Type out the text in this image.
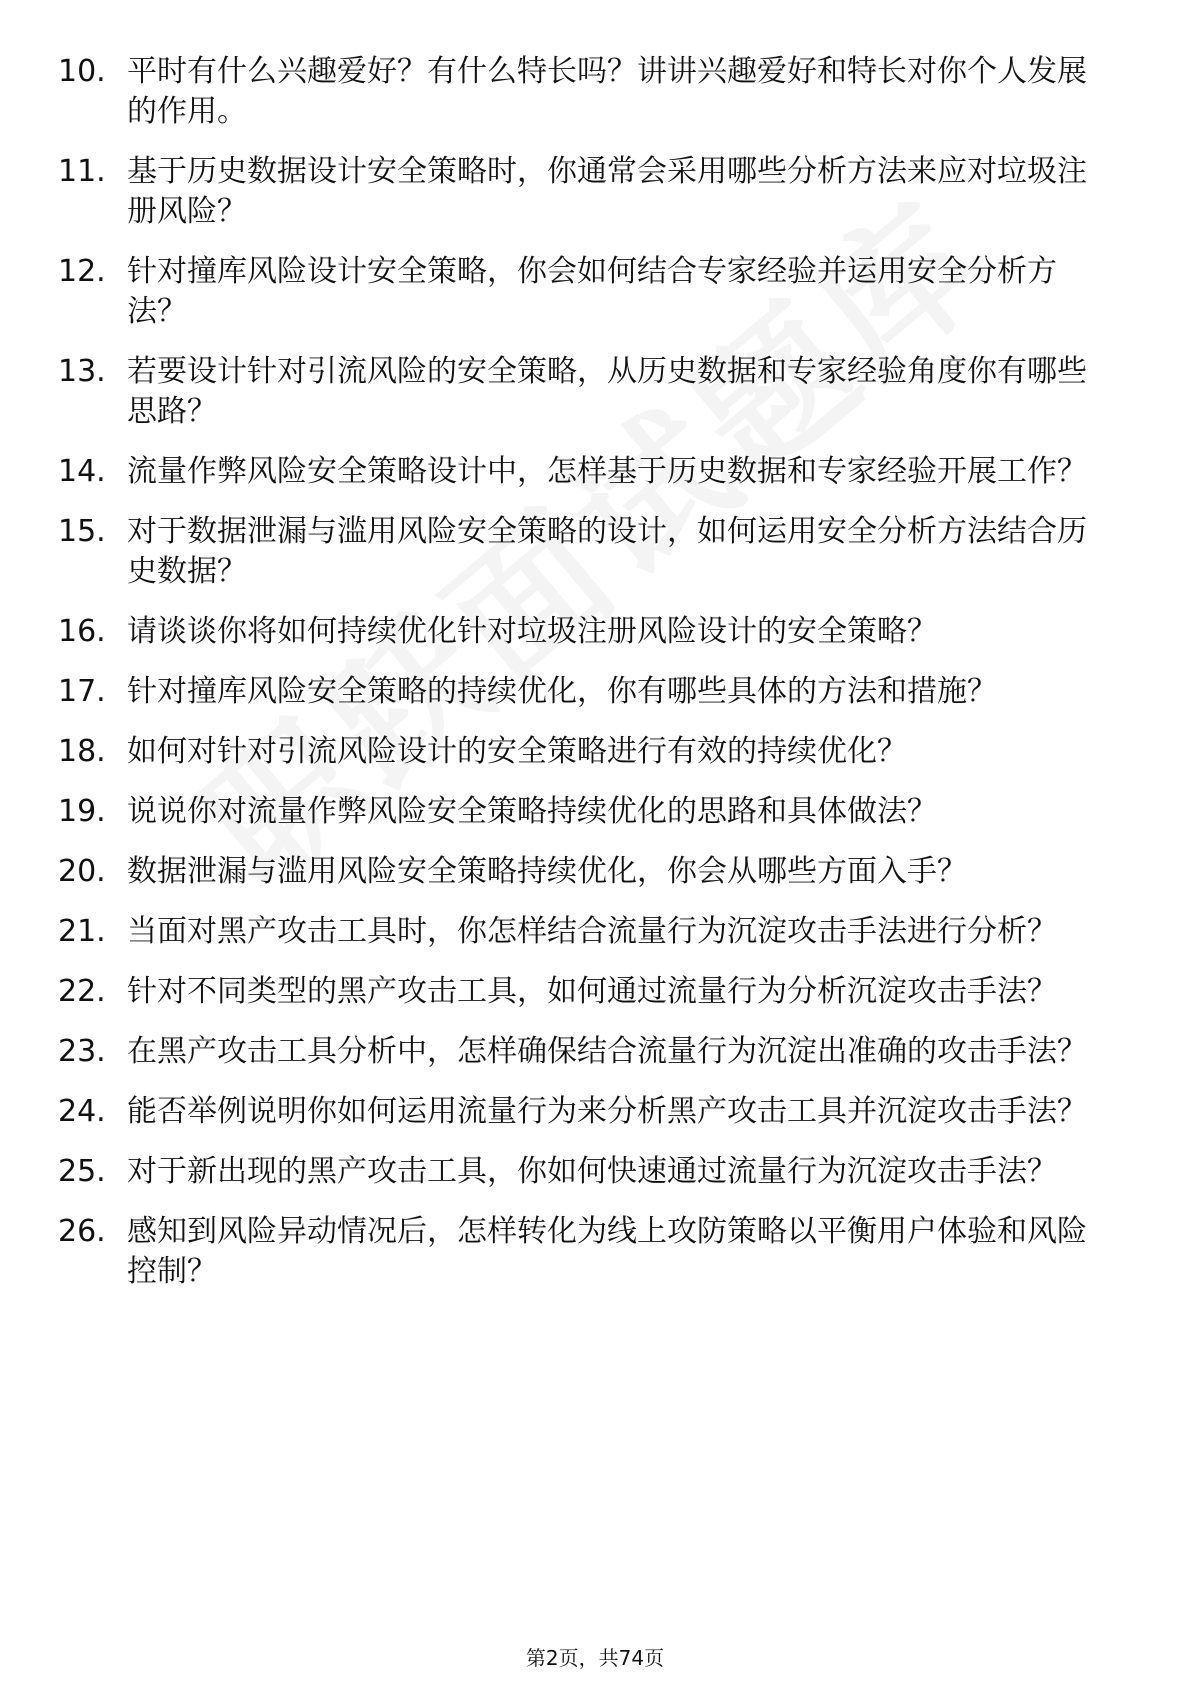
10. 平时有什么兴趣爱好？有什么特长吗？讲讲兴趣爱好和特长对你个人发展的作用。
11. 基于历史数据设计安全策略时，你通常会采用哪些分析方法来应对垃圾注册风险？
12. 针对撞库风险设计安全策略，你会如何结合专家经验并运用安全分析方法？
13. 若要设计针对引流风险的安全策略，从历史数据和专家经验角度你有哪些思路？
14. 流量作弊风险安全策略设计中，怎样基于历史数据和专家经验开展工作？
15. 对于数据泄漏与滥用风险安全策略的设计，如何运用安全分析方法结合历史数据？
16. 请谈谈你将如何持续优化针对垃圾注册风险设计的安全策略？
17. 针对撞库风险安全策略的持续优化，你有哪些具体的方法和措施？
18. 如何对针对引流风险设计的安全策略进行有效的持续优化？
19. 说说你对流量作弊风险安全策略持续优化的思路和具体做法？
20. 数据泄漏与滥用风险安全策略持续优化，你会从哪些方面入手？
21. 当面对黑产攻击工具时，你怎样结合流量行为沉淀攻击手法进行分析？
22. 针对不同类型的黑产攻击工具，如何通过流量行为分析沉淀攻击手法？
23. 在黑产攻击工具分析中，怎样确保结合流量行为沉淀出准确的攻击手法？
24. 能否举例说明你如何运用流量行为来分析黑产攻击工具并沉淀攻击手法？
25. 对于新出现的黑产攻击工具，你如何快速通过流量行为沉淀攻击手法？
26. 感知到风险异动情况后，怎样转化为线上攻防策略以平衡用户体验和风险控制？
第2页，共74页
